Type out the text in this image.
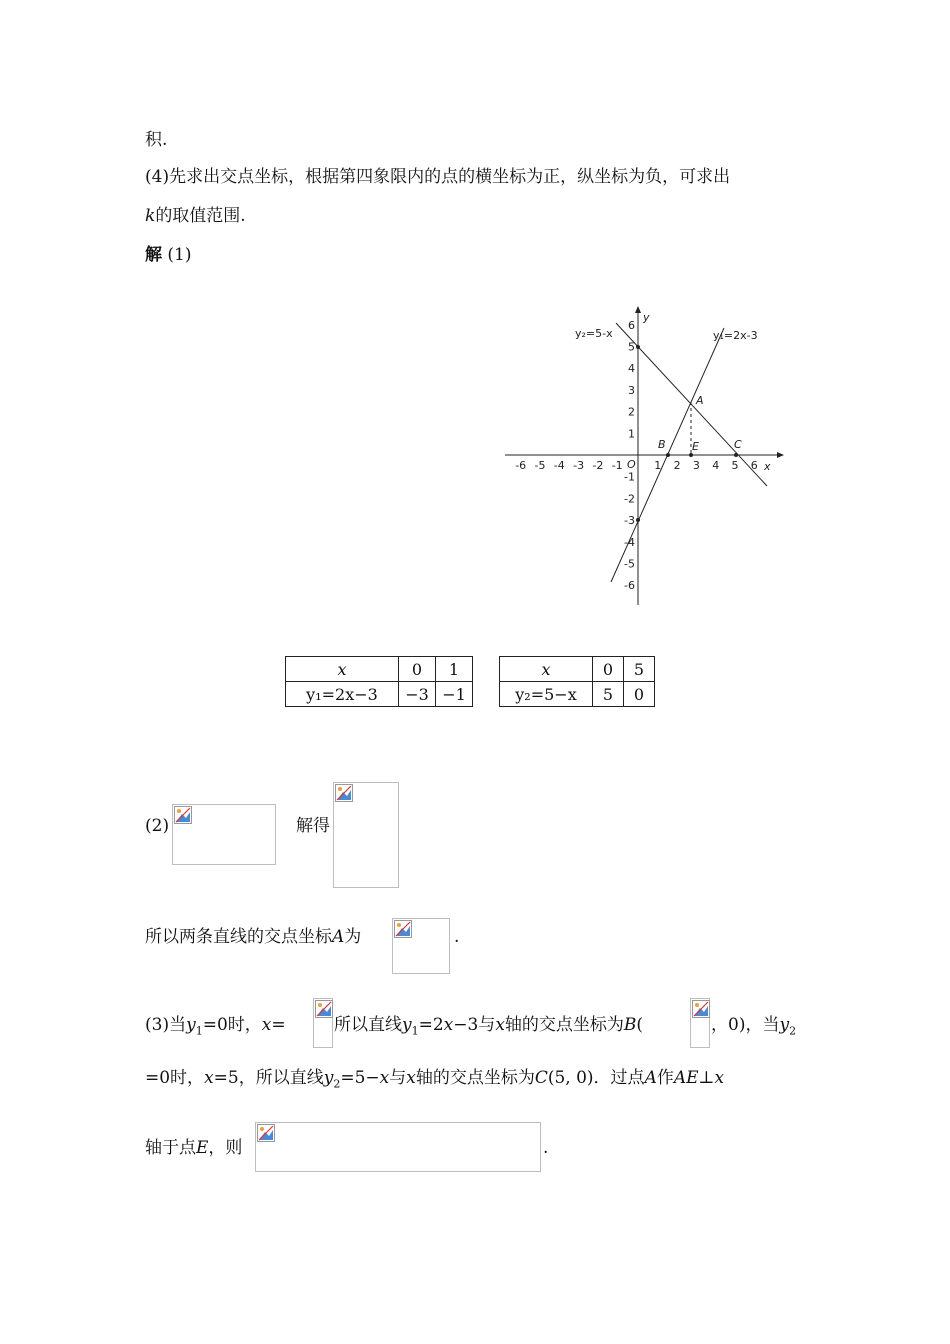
积.
(4)先求出交点坐标，根据第四象限内的点的横坐标为正，纵坐标为负，可求出
k的取值范围.
解 (1)
-6
-6
-5
-5
-4
-4
-3
-3
-2
-2
-1
-1
1
1
2
2
3
3
4
4
5
5
6
6
y₂=5-x	y₁=2x-3
A
B E	C
O	x
y
x	0	1
y₁=2x−3	−3	−1
x	0	5
y₂=5−x	5	0
(2)	解得
所以两条直线的交点坐标A为	.
(3)当$y_1=0$时，x=	所以直线$y_1=2x-3$与x轴的交点坐标为B(	，0)，当$y_2$
=0时，x=5，所以直线$y_2=5-x$与x轴的交点坐标为C(5, 0)．过点A作AE⊥x
轴于点E，则	.
